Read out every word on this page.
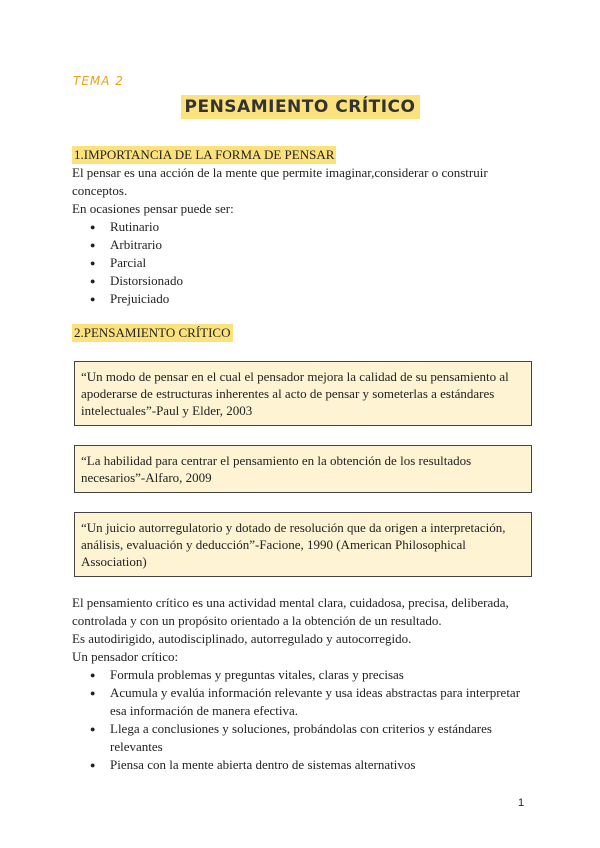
TEMA 2
PENSAMIENTO CRÍTICO
1.IMPORTANCIA DE LA FORMA DE PENSAR

El pensar es una acción de la mente que permite imaginar,considerar o construir conceptos.

En ocasiones pensar puede ser:

● Rutinario
● Arbitrario
● Parcial
● Distorsionado
● Prejuiciado
2.PENSAMIENTO CRÍTICO
“Un modo de pensar en el cual el pensador mejora la calidad de su pensamiento al apoderarse de estructuras inherentes al acto de pensar y someterlas a estándares intelectuales”-Paul y Elder, 2003
“La habilidad para centrar el pensamiento en la obtención de los resultados necesarios”-Alfaro, 2009
“Un juicio autorregulatorio y dotado de resolución que da origen a interpretación, análisis, evaluación y deducción”-Facione, 1990 (American Philosophical Association)

El pensamiento crítico es una actividad mental clara, cuidadosa, precisa, deliberada, controlada y con un propósito orientado a la obtención de un resultado.

Es autodirigido, autodisciplinado, autorregulado y autocorregido.

Un pensador crítico:

● Formula problemas y preguntas vitales, claras y precisas
● Acumula y evalúa información relevante y usa ideas abstractas para interpretar esa información de manera efectiva.
● Llega a conclusiones y soluciones, probándolas con criterios y estándares relevantes
● Piensa con la mente abierta dentro de sistemas alternativos
1
